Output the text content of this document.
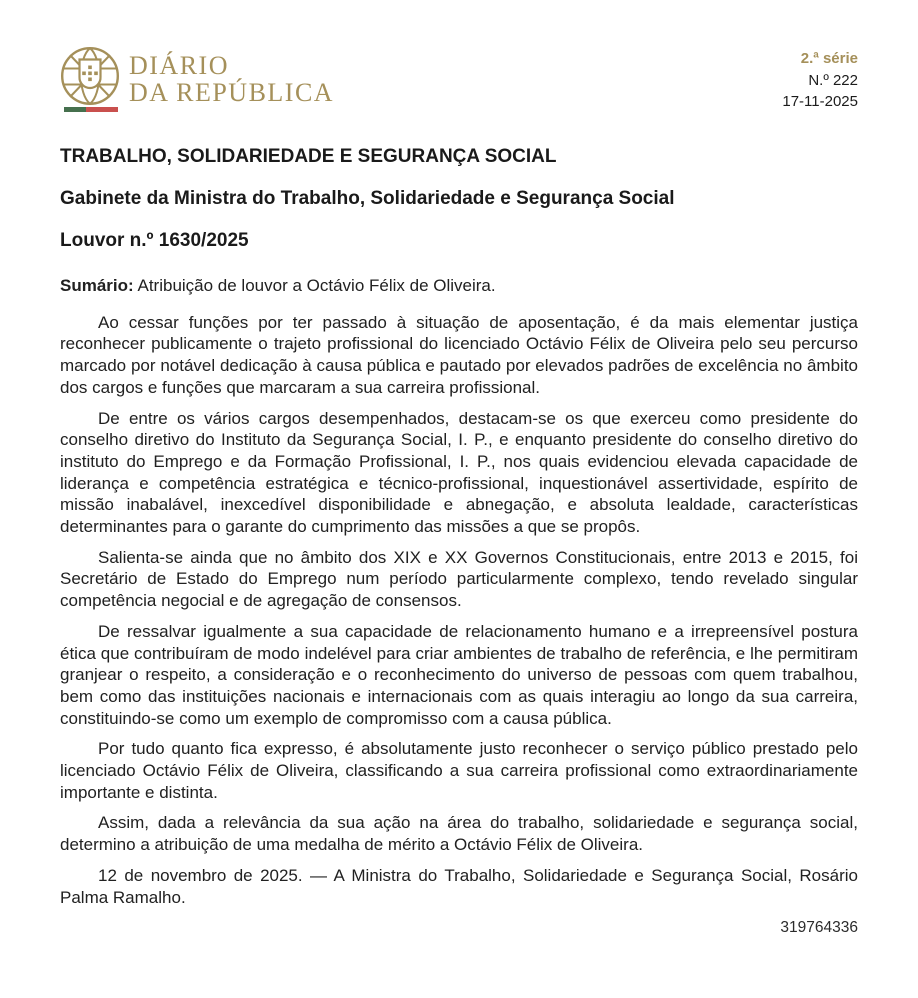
DIÁRIO
DA REPÚBLICA
2.ª série
N.º 222
17-11-2025
TRABALHO, SOLIDARIEDADE E SEGURANÇA SOCIAL
Gabinete da Ministra do Trabalho, Solidariedade e Segurança Social
Louvor n.º 1630/2025

Sumário: Atribuição de louvor a Octávio Félix de Oliveira.

Ao cessar funções por ter passado à situação de aposentação, é da mais elementar justiça reconhecer publicamente o trajeto profissional do licenciado Octávio Félix de Oliveira pelo seu percurso marcado por notável dedicação à causa pública e pautado por elevados padrões de excelência no âmbito dos cargos e funções que marcaram a sua carreira profissional.

De entre os vários cargos desempenhados, destacam-se os que exerceu como presidente do conselho diretivo do Instituto da Segurança Social, I. P., e enquanto presidente do conselho diretivo do instituto do Emprego e da Formação Profissional, I. P., nos quais evidenciou elevada capacidade de liderança e competência estratégica e técnico-profissional, inquestionável assertividade, espírito de missão inabalável, inexcedível disponibilidade e abnegação, e absoluta lealdade, características determinantes para o garante do cumprimento das missões a que se propôs.

Salienta-se ainda que no âmbito dos XIX e XX Governos Constitucionais, entre 2013 e 2015, foi Secretário de Estado do Emprego num período particularmente complexo, tendo revelado singular competência negocial e de agregação de consensos.

De ressalvar igualmente a sua capacidade de relacionamento humano e a irrepreensível postura ética que contribuíram de modo indelével para criar ambientes de trabalho de referência, e lhe permitiram granjear o respeito, a consideração e o reconhecimento do universo de pessoas com quem trabalhou, bem como das instituições nacionais e internacionais com as quais interagiu ao longo da sua carreira, constituindo-se como um exemplo de compromisso com a causa pública.

Por tudo quanto fica expresso, é absolutamente justo reconhecer o serviço público prestado pelo licenciado Octávio Félix de Oliveira, classificando a sua carreira profissional como extraordinariamente importante e distinta.

Assim, dada a relevância da sua ação na área do trabalho, solidariedade e segurança social, determino a atribuição de uma medalha de mérito a Octávio Félix de Oliveira.

12 de novembro de 2025. — A Ministra do Trabalho, Solidariedade e Segurança Social, Rosário Palma Ramalho.

319764336
